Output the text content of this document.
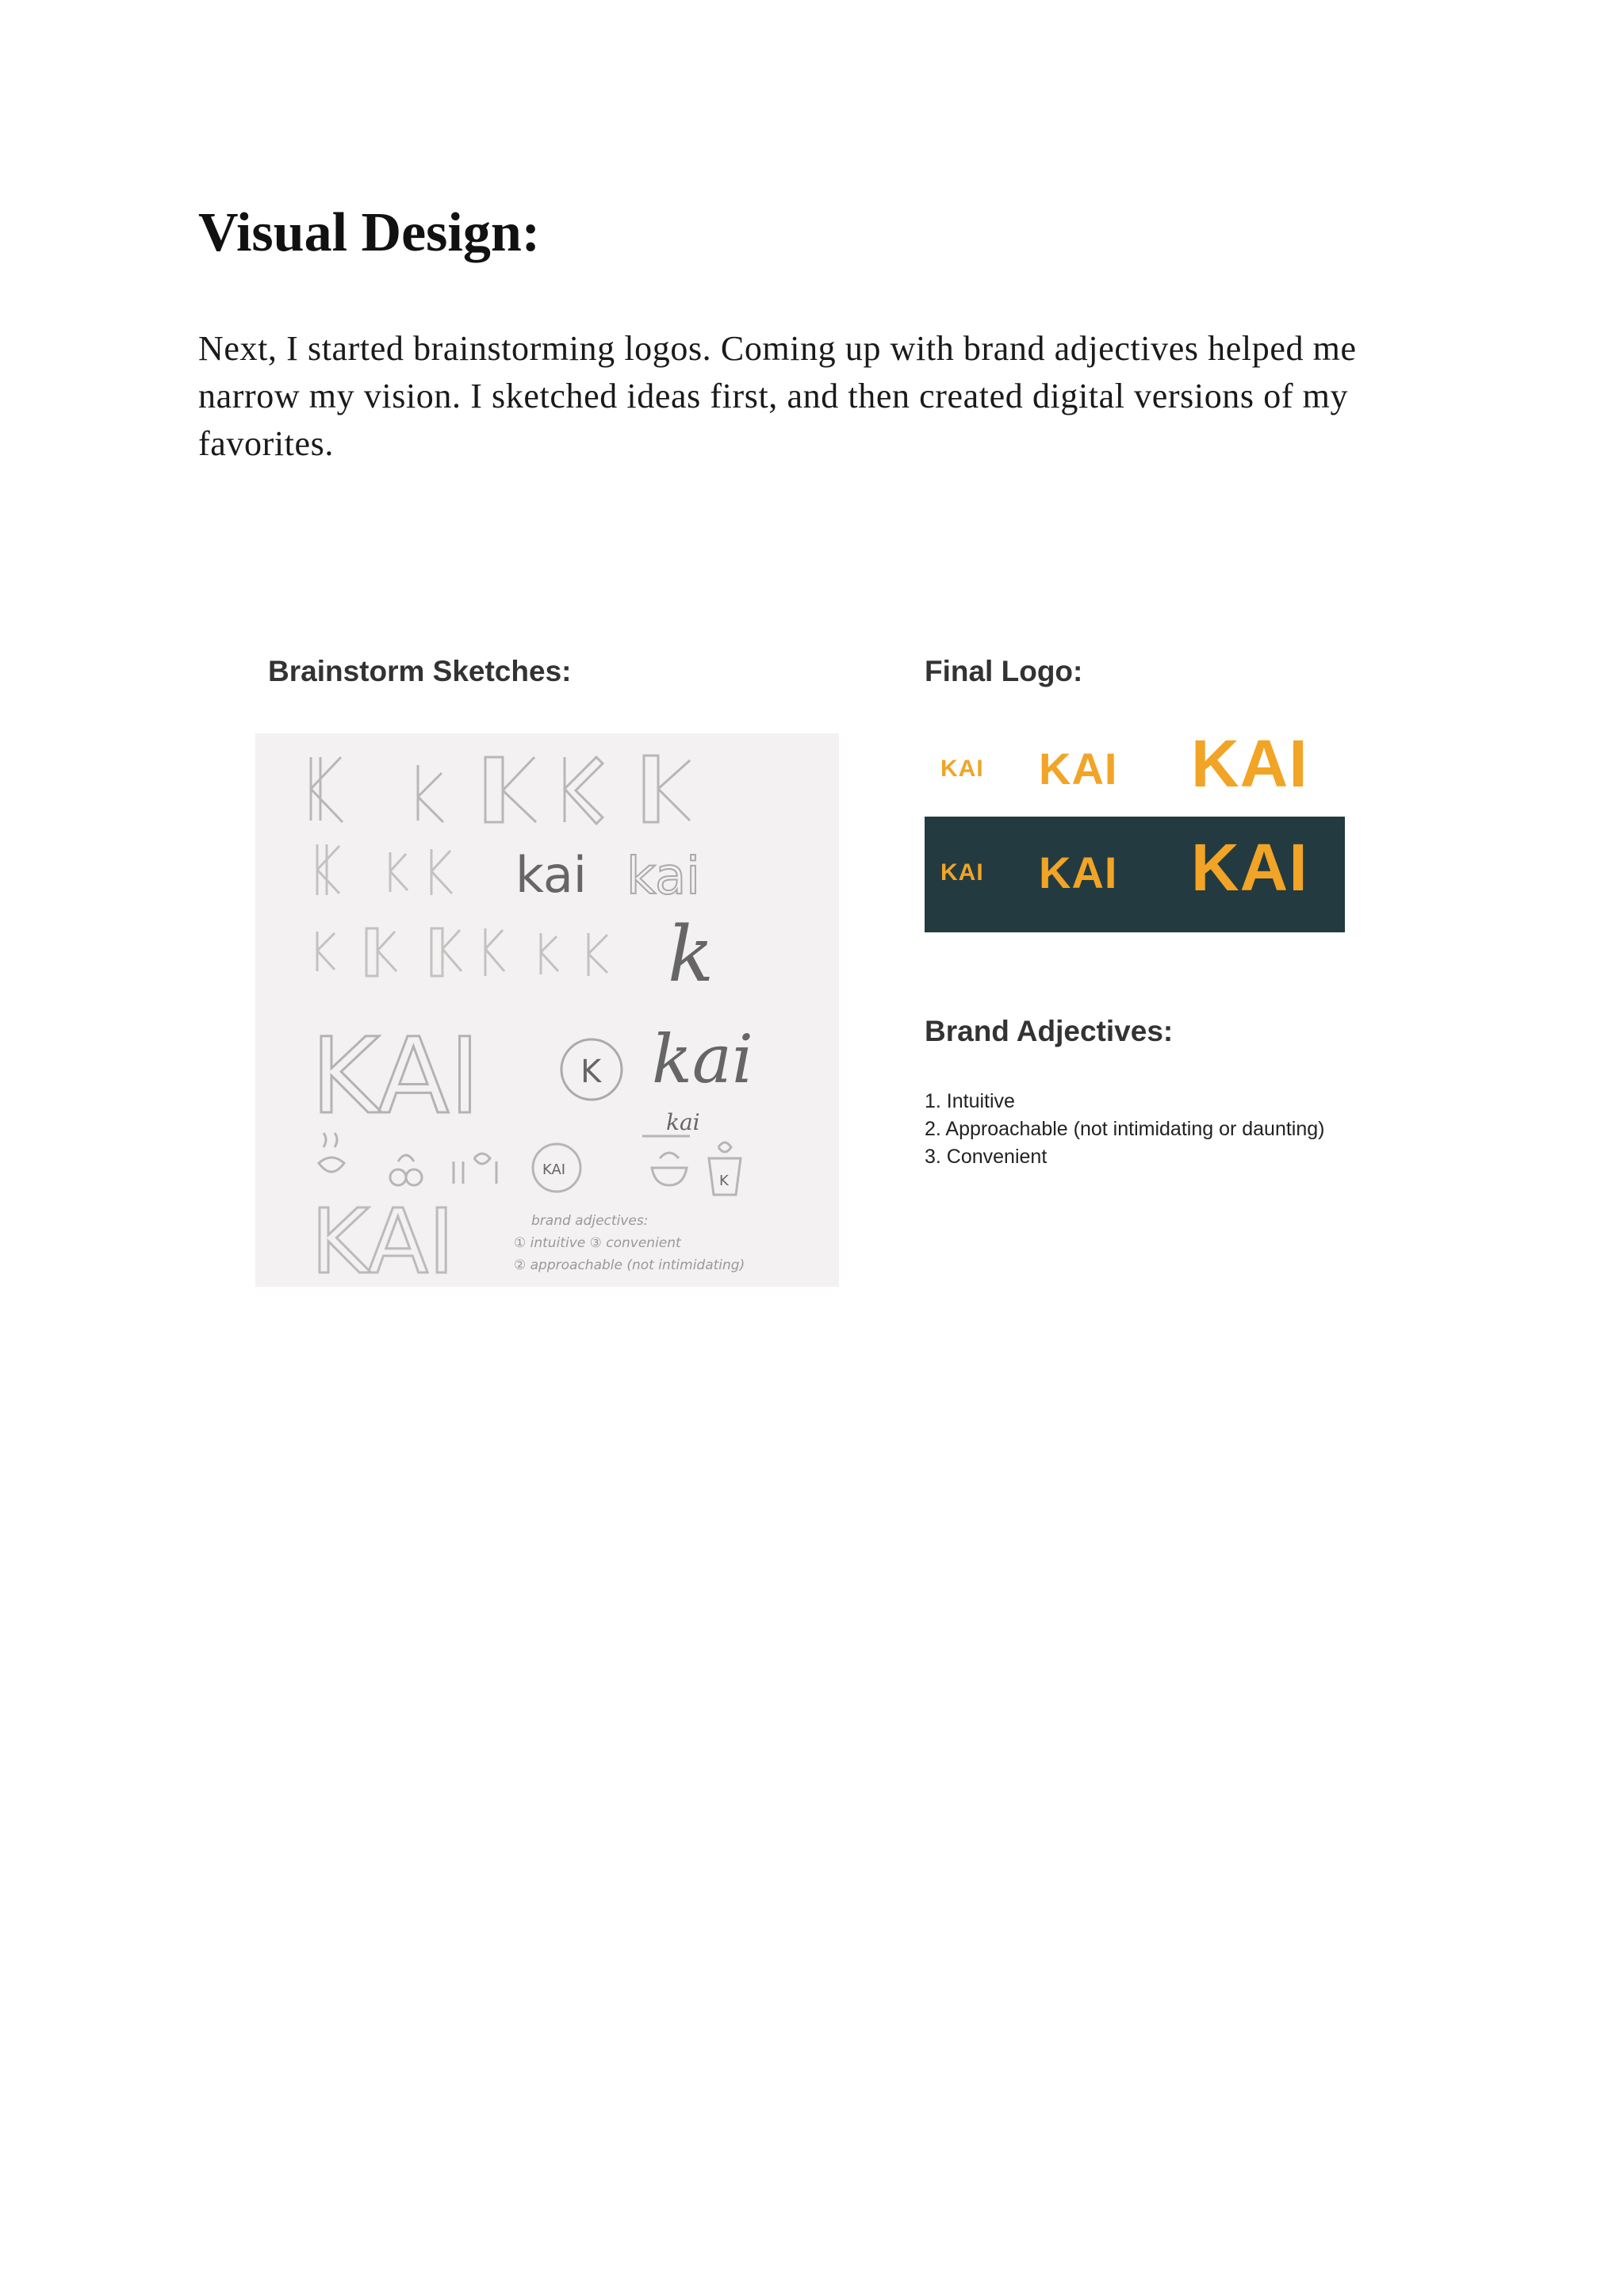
Visual Design:

Next, I started brainstorming logos. Coming up with brand adjectives helped me narrow my vision. I sketched ideas first, and then created digital versions of my favorites.

Brainstorm Sketches:
kai kai
k
KAI	K kai
KAI
kai
K
KAI	brand adjectives:
① intuitive ③ convenient
② approachable (not intimidating)
Final Logo:
KAI KAI KAI
KAI KAI KAI
Brand Adjectives:
1. Intuitive
2. Approachable (not intimidating or daunting)
3. Convenient
